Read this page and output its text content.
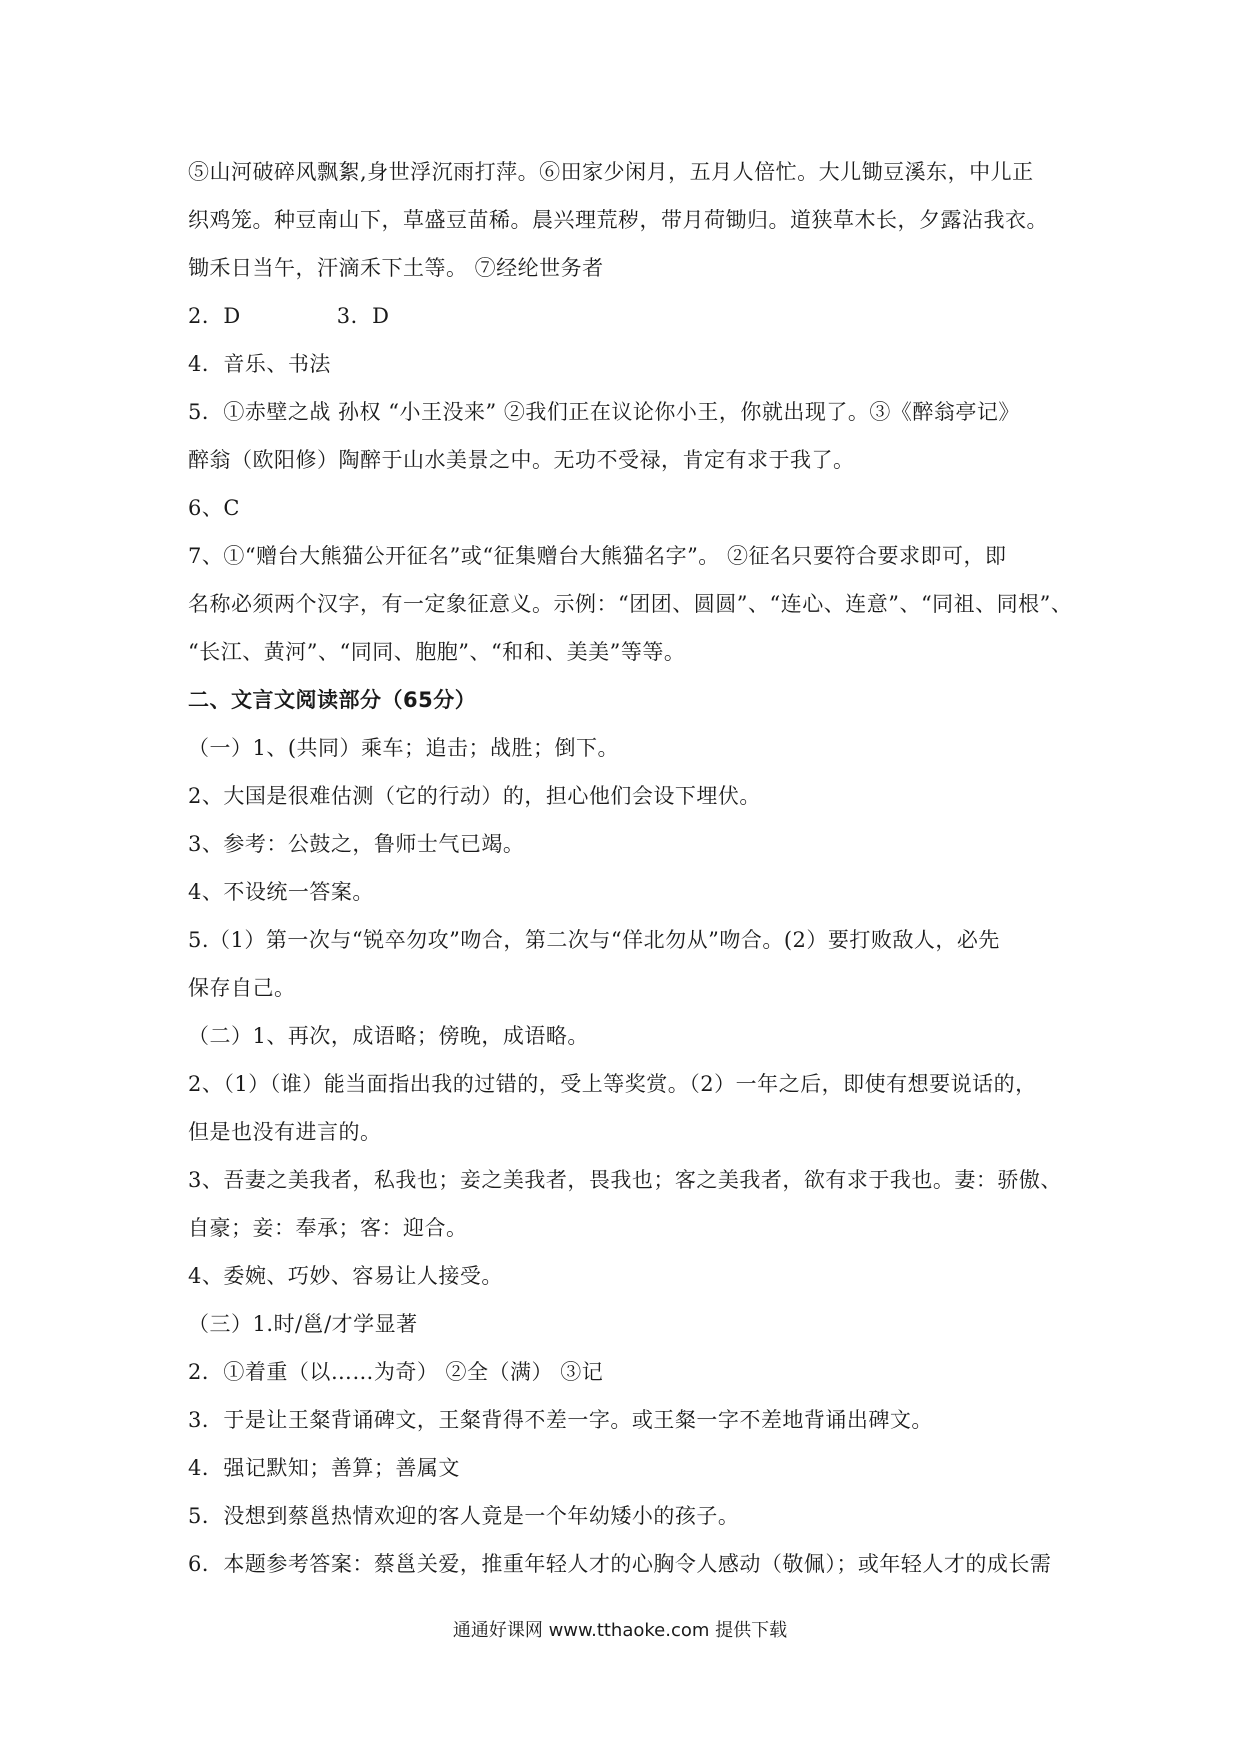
⑤山河破碎风飘絮,身世浮沉雨打萍。⑥田家少闲月，五月人倍忙。大儿锄豆溪东，中儿正
织鸡笼。种豆南山下，草盛豆苗稀。晨兴理荒秽，带月荷锄归。道狭草木长，夕露沾我衣。
锄禾日当午，汗滴禾下土等。 ⑦经纶世务者
2．D	3．D
4．音乐、书法
5．①赤壁之战 孙权 “小王没来” ②我们正在议论你小王，你就出现了。③《醉翁亭记》
醉翁（欧阳修）陶醉于山水美景之中。无功不受禄，肯定有求于我了。
6、C
7、①“赠台大熊猫公开征名”或“征集赠台大熊猫名字”。 ②征名只要符合要求即可，即
名称必须两个汉字，有一定象征意义。示例：“团团、圆圆”、“连心、连意”、“同祖、同根”、
“长江、黄河”、“同同、胞胞”、“和和、美美”等等。
二、文言文阅读部分（65分）
（一）1、(共同）乘车；追击；战胜；倒下。
2、大国是很难估测（它的行动）的，担心他们会设下埋伏。
3、参考：公鼓之，鲁师士气已竭。
4、不设统一答案。
5.（1）第一次与“锐卒勿攻”吻合，第二次与“佯北勿从”吻合。(2）要打败敌人，必先
保存自己。
（二）1、再次，成语略；傍晚，成语略。
2、（1）（谁）能当面指出我的过错的，受上等奖赏。（2）一年之后，即使有想要说话的，
但是也没有进言的。
3、吾妻之美我者，私我也；妾之美我者，畏我也；客之美我者，欲有求于我也。妻：骄傲、
自豪；妾：奉承；客：迎合。
4、委婉、巧妙、容易让人接受。
（三）1.时/邕/才学显著
2．①着重（以……为奇） ②全（满） ③记
3．于是让王粲背诵碑文，王粲背得不差一字。或王粲一字不差地背诵出碑文。
4．强记默知；善算；善属文
5．没想到蔡邕热情欢迎的客人竟是一个年幼矮小的孩子。
6．本题参考答案：蔡邕关爱，推重年轻人才的心胸令人感动（敬佩）；或年轻人才的成长需
通通好课网 www.tthaoke.com 提供下载
